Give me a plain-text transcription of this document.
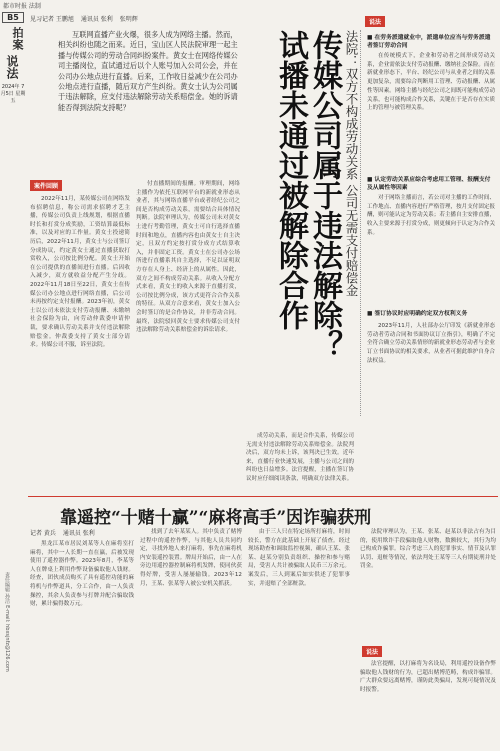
都市时报 法制
B5
拍案
说法
2024年 7月5日 星期五
责任编辑 孙洁 E-mail: hbxsjnfz@126.com
见习记者 王鹏旭 通讯员 张利 张明辉

互联网直播产业火爆，很多人成为网络主播。然而，相关纠纷也随之而来。近日，宝山区人民法院审理一起主播与传媒公司的劳动合同纠纷案件。黄女士在网络传媒公司主播岗位，直试通过后以个人账号加入公司公会，并在公司办公地点进行直播。后来，工作收日益减少在公司办公地点进行直播，随后双方产生纠纷。黄女士认为公司属于违法解除，应支付违法解除劳动关系赔偿金。她的诉请能否得到法院支持呢？

案件回顾

2022年11月，某传媒公司在网络发布招聘信息，称公司需求招聘才艺主播，传媒公司负责上线规划，根据直播时长和打赏分成奖励，工资结算最低标准，以及对应的工作量。黄女士投递简历后，2022年11月，黄女士与公司签订分成协议，约定黄女士通过直播获取打赏收入，公司按比例分配。黄女士开始在公司提供的直播间进行直播。后因收入减少，双方就收益分配产生分歧。2022年11月18日至22日，黄女士在传媒公司办公地点进行网络直播，后公司未再按约定支付报酬。2023年初，黄女士以公司未依法支付劳动报酬、未缴纳社会保险为由，向劳动仲裁委申请仲裁，要求确认劳动关系并支付违法解除赔偿金。仲裁委支持了黄女士部分请求。传媒公司不服，诉至法院。

付直播期间的报酬。审理期间，网络主播作为依托互联网平台的新就业形态从业者，其与网络直播平台或者经纪公司之间是否构成劳动关系，需要结合具体情况判断。法院审理认为，传媒公司未对黄女士进行考勤管理，黄女士可自行选择直播时间和地点，直播内容也由黄女士自主决定，且双方约定按打赏分成方式结算收入，并非固定工资。黄女士在公司办公场所进行直播系其自主选择，不足以证明双方存在人身上、经济上的从属性。因此，双方之间不构成劳动关系。从收入分配方式来看，黄女士的收入来源于直播打赏，公司按比例分成，该方式更符合合作关系的特征。从双方合意来看，黄女士加入公会时签订的是合作协议，并非劳动合同。最终，法院驳回黄女士要求传媒公司支付违法解除劳动关系赔偿金的诉讼请求。

成劳动关系，而是合作关系，传媒公司无需支付违法解除劳动关系赔偿金。法院判决后，双方均未上诉，该判决已生效。近年来，直播行业快速发展，主播与公司之间的纠纷也日益增多。法官提醒，主播在签订协议时应仔细阅读条款，明确双方法律关系。

传媒公司属于违法解除？
试播未通过被解除合作	法院：双方不构成劳动关系 公司无需支付赔偿金
说法
■ 在劳务派遣就业中，派遣单位应当与劳务派遣者签订劳动合同
在传统模式下，企业和劳动者之间形成劳动关系，企业需依法支付劳动报酬、缴纳社会保险。而在新就业形态下，平台、经纪公司与从业者之间的关系更加复杂，需要综合判断用工管理、劳动报酬、从属性等因素。网络主播与经纪公司之间既可能构成劳动关系，也可能构成合作关系，关键在于是否存在实质上的管理与被管理关系。
■ 认定劳动关系应综合考虑用工管理、报酬支付及从属性等因素
对于网络主播而言，若公司对主播的工作时间、工作地点、直播内容进行严格管理，按月支付固定报酬，则可能认定为劳动关系；若主播自主安排直播，收入主要来源于打赏分成，则更倾向于认定为合作关系。
■ 签订协议时应明确约定双方权利义务
2023年11月，人社部办公厅印发《新就业形态劳动者劳动合同和书面协议订立指引》，明确了不完全符合确立劳动关系情形的新就业形态劳动者与企业订立书面协议的相关要求，从业者可据此维护自身合法权益。
靠遥控“十赌十赢”“麻将高手”因诈骗获刑
记者 黄兵 通讯员 张利

黑龙江某市居民刘某等人在麻将室打麻将，其中一人长期一直在赢，后被发现使用了遥控器作弊。2023年8月，李某等人在牌桌上利用作弊设备骗取他人钱财。经查，团伙成员购买了具有遥控功能的麻将机与作弊道具，分工合作，由一人负责操控，其余人负责参与打牌并配合骗取钱财，累计骗得数万元。

找到了去年某某人。其中负责了赌博过程中的遥控作弊，与其他人员共同约定，寻找外地人来打麻将，事先在麻将机内安装遥控装置。牌局开始后，由一人在旁边用遥控器控制麻将机发牌，使同伙获得好牌，受害人屡屡输钱。2023年12月，王某、张某等人被公安机关抓获。

由于三人只在特定场所打麻将，时间较长，警方在此基础上开展了侦查。经过现场勘查和调取监控视频，确认王某、张某、赵某分别负责组织、操控和参与赌局，受害人共计被骗取人民币三万余元。案发后，三人到案后如实供述了犯罪事实，并退赔了全部赃款。

法院审理认为，王某、张某、赵某以非法占有为目的，使用欺诈手段骗取他人财物，数额较大，其行为均已构成诈骗罪。综合考虑三人的犯罪事实、情节及认罪认罚、退赃等情况，依法判处王某等三人有期徒刑并处罚金。

说法

法官提醒，以打麻将为名设局，利用遥控设备作弊骗取他人钱财的行为，已超出赌博范畴，构成诈骗罪。广大群众要远离赌博，谨防此类骗局，发现可疑情况及时报警。
